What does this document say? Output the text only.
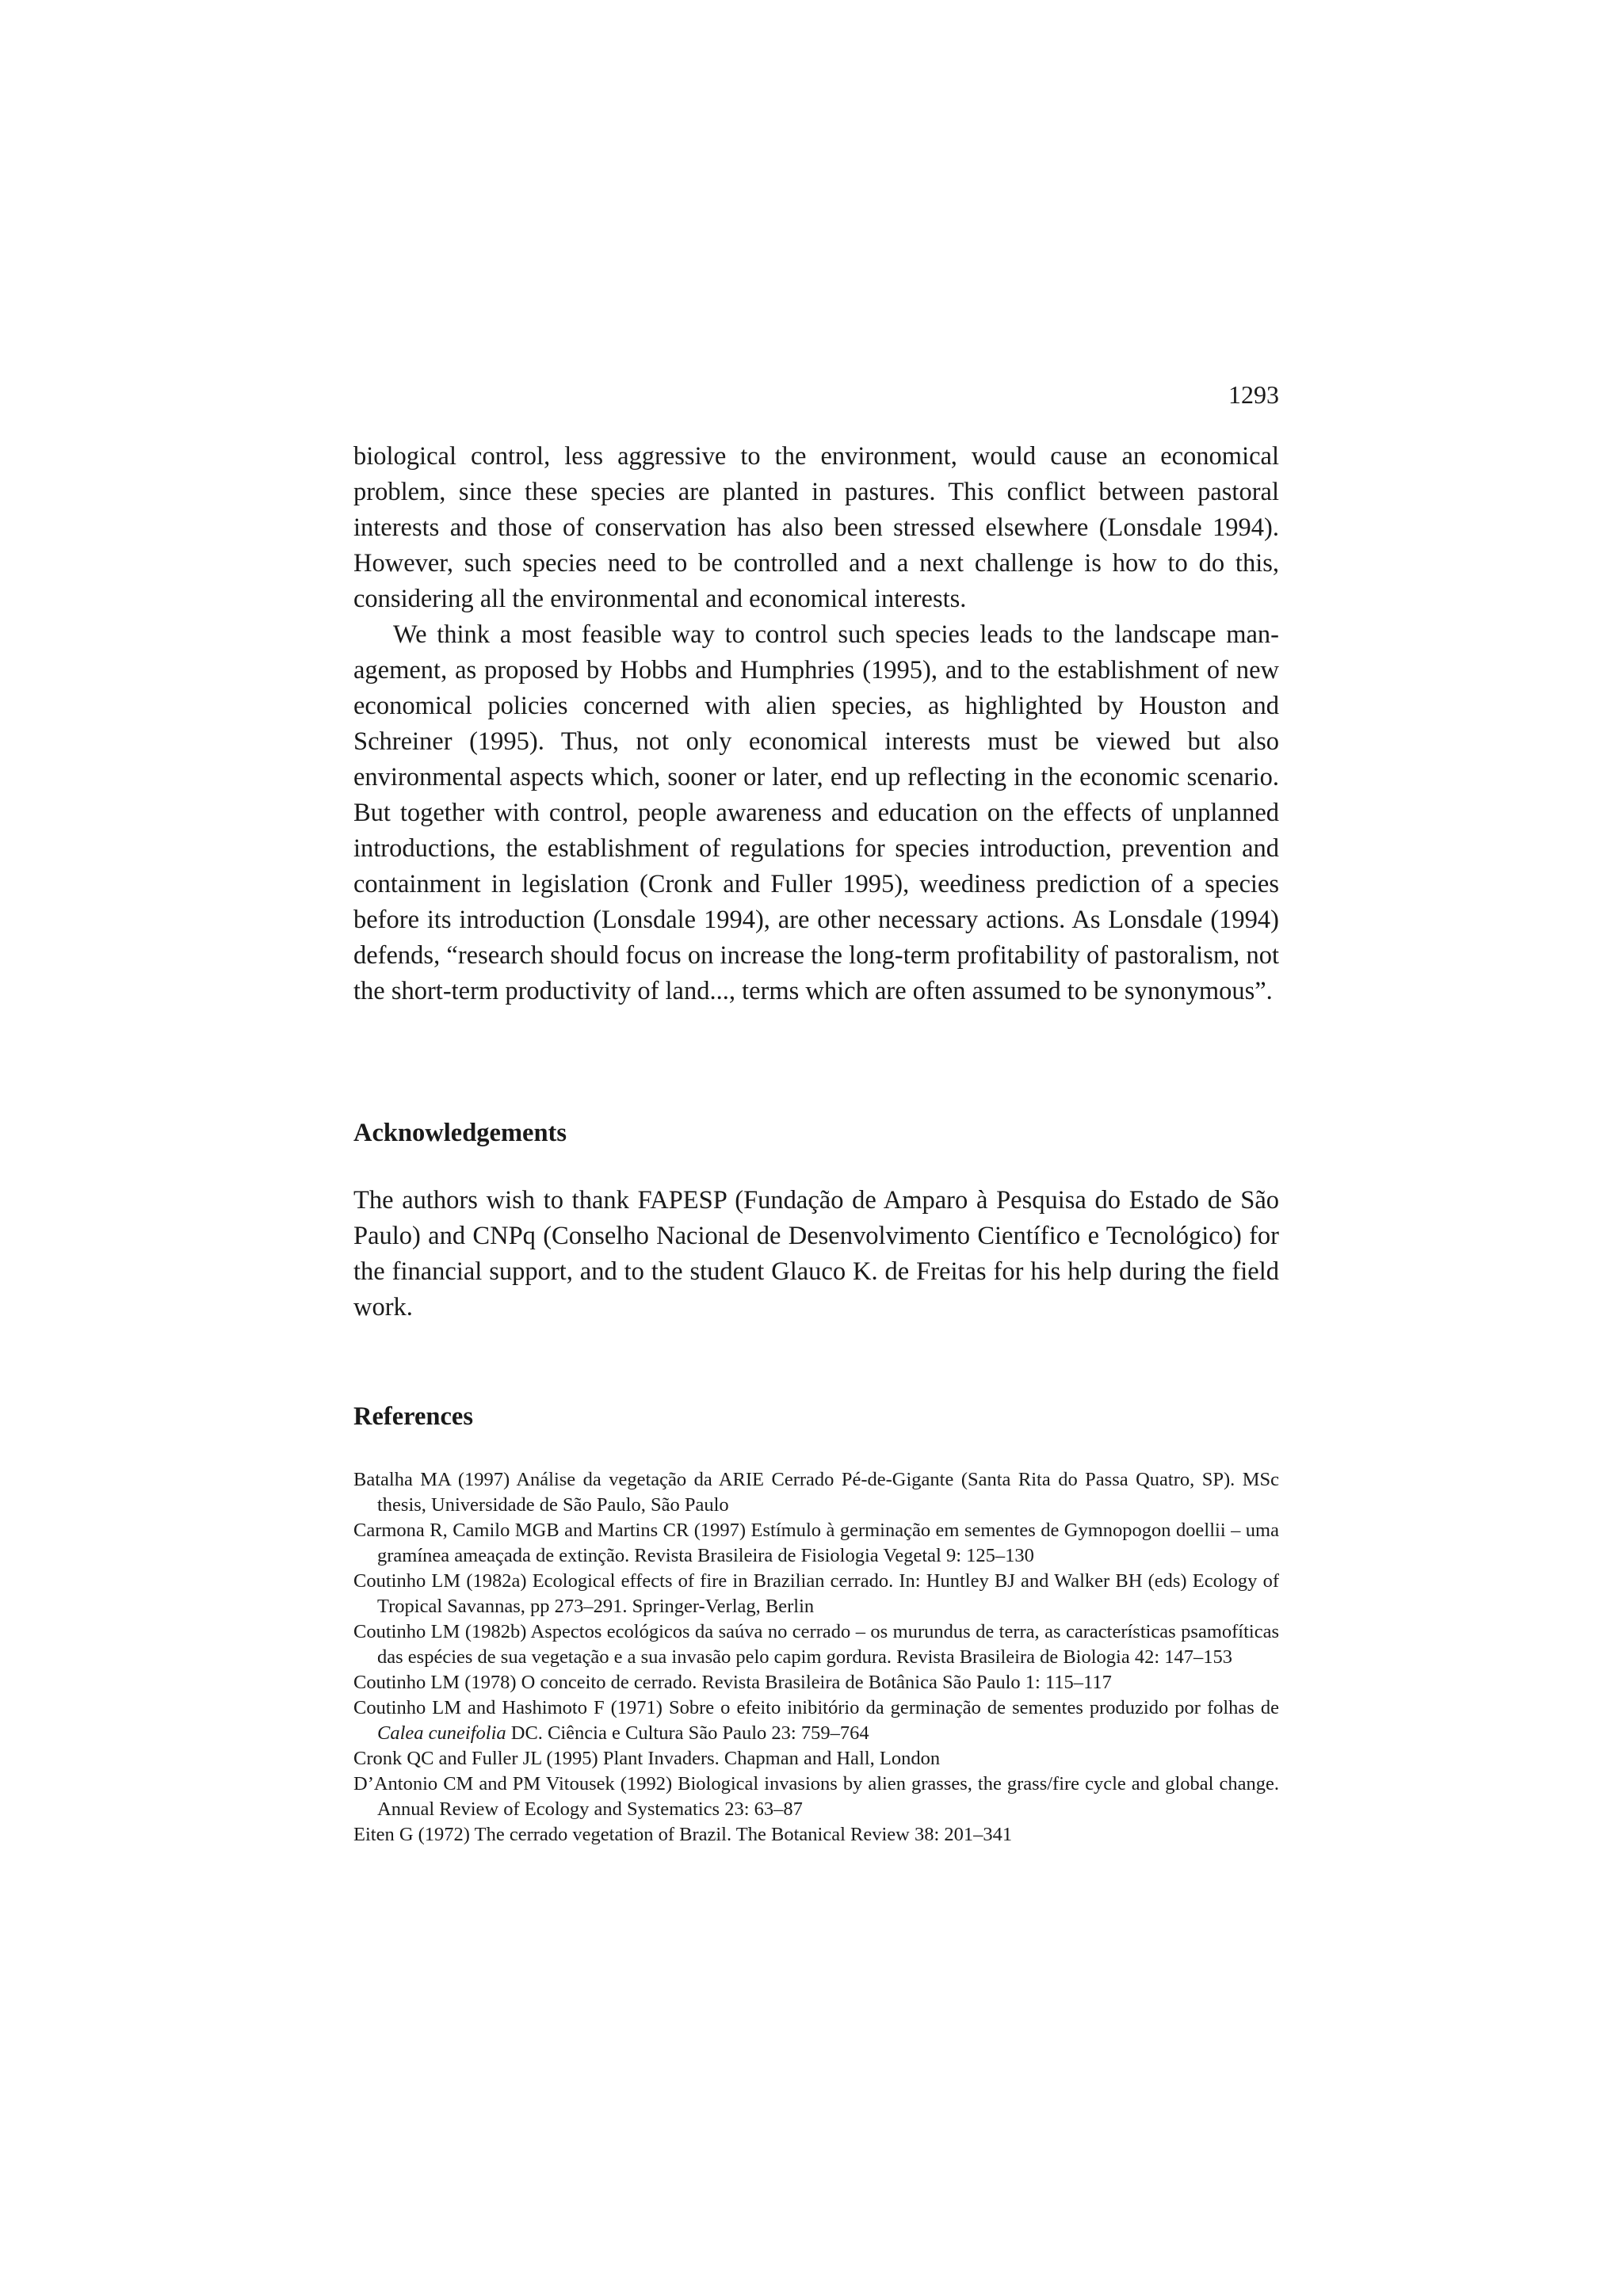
1293

biological control, less aggressive to the environment, would cause an economical problem, since these species are planted in pastures. This conflict between pastoral interests and those of conservation has also been stressed elsewhere (Lonsdale 1994). However, such species need to be controlled and a next challenge is how to do this, considering all the environmental and economical interests.

We think a most feasible way to control such species leads to the landscape management, as proposed by Hobbs and Humphries (1995), and to the establishment of new economical policies concerned with alien species, as highlighted by Houston and Schreiner (1995). Thus, not only economical interests must be viewed but also environmental aspects which, sooner or later, end up reflecting in the economic scenario. But together with control, people awareness and education on the effects of unplanned introductions, the establishment of regulations for species introduction, prevention and containment in legislation (Cronk and Fuller 1995), weediness prediction of a species before its introduction (Lonsdale 1994), are other necessary actions. As Lonsdale (1994) defends, “research should focus on increase the long-term profitability of pastoralism, not the short-term productivity of land..., terms which are often assumed to be synonymous”.

Acknowledgements

The authors wish to thank FAPESP (Fundação de Amparo à Pesquisa do Estado de São Paulo) and CNPq (Conselho Nacional de Desenvolvimento Científico e Tecnológico) for the financial support, and to the student Glauco K. de Freitas for his help during the field work.

References
Batalha MA (1997) Análise da vegetação da ARIE Cerrado Pé-de-Gigante (Santa Rita do Passa Quatro, SP). MSc thesis, Universidade de São Paulo, São Paulo
Carmona R, Camilo MGB and Martins CR (1997) Estímulo à germinação em sementes de Gymnopogon doellii – uma gramínea ameaçada de extinção. Revista Brasileira de Fisiologia Vegetal 9: 125–130
Coutinho LM (1982a) Ecological effects of fire in Brazilian cerrado. In: Huntley BJ and Walker BH (eds) Ecology of Tropical Savannas, pp 273–291. Springer-Verlag, Berlin
Coutinho LM (1982b) Aspectos ecológicos da saúva no cerrado – os murundus de terra, as características psamofíticas das espécies de sua vegetação e a sua invasão pelo capim gordura. Revista Brasileira de Biologia 42: 147–153
Coutinho LM (1978) O conceito de cerrado. Revista Brasileira de Botânica São Paulo 1: 115–117
Coutinho LM and Hashimoto F (1971) Sobre o efeito inibitório da germinação de sementes produzido por folhas de Calea cuneifolia DC. Ciência e Cultura São Paulo 23: 759–764
Cronk QC and Fuller JL (1995) Plant Invaders. Chapman and Hall, London
D’Antonio CM and PM Vitousek (1992) Biological invasions by alien grasses, the grass/fire cycle and global change. Annual Review of Ecology and Systematics 23: 63–87
Eiten G (1972) The cerrado vegetation of Brazil. The Botanical Review 38: 201–341
